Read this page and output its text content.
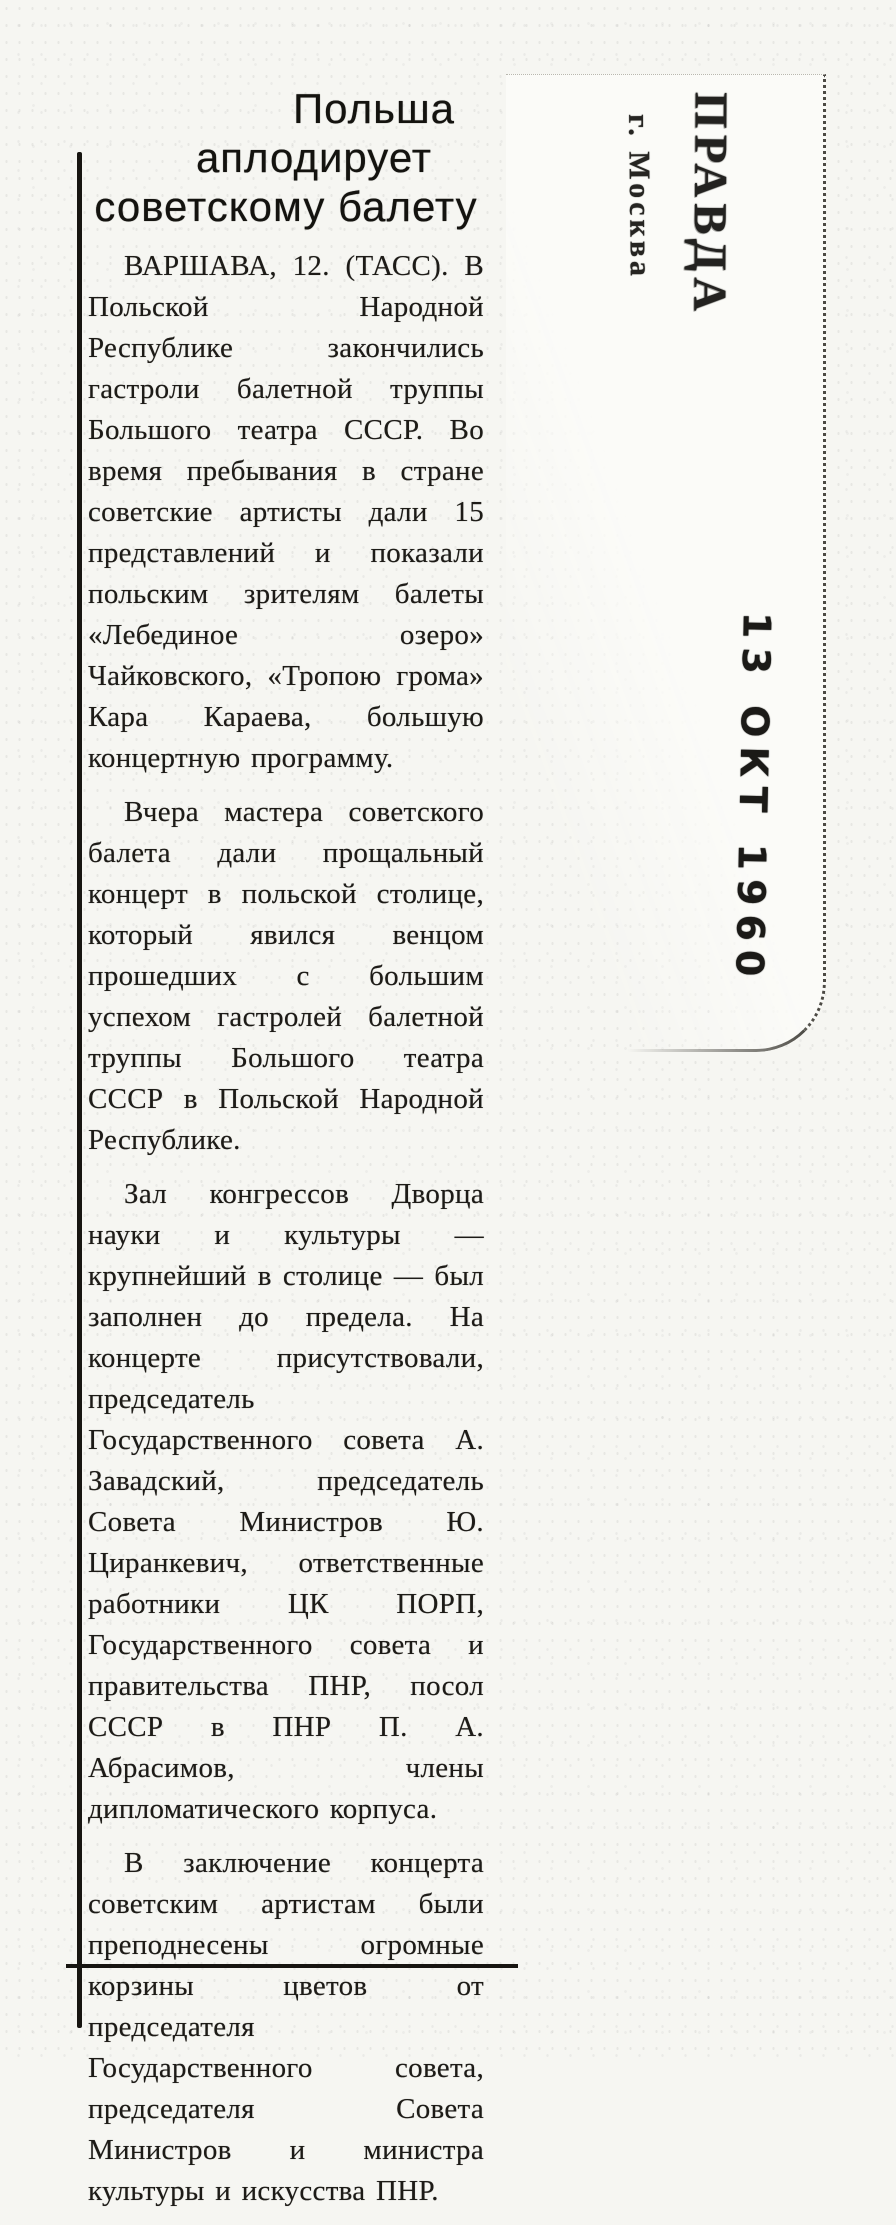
г. Москва ПРАВДА
13 ОКТ 1960
Польша
аплодирует
советскому балету

ВАРШАВА, 12. (ТАСС). В Польской Народной Республике закончились гастроли балетной труппы Большого театра СССР. Во время пребывания в стране советские артисты дали 15 представлений и показали польским зрителям балеты «Лебединое озеро» Чайковского, «Тропою грома» Кара Караева, большую концертную программу.

Вчера мастера советского балета дали прощальный концерт в польской столице, который явился венцом прошедших с большим успехом гастролей балетной труппы Большого театра СССР в Польской Народной Республике.

Зал конгрессов Дворца науки и культуры — крупнейший в столице — был заполнен до предела. На концерте присутствовали, председатель Государственного совета А. Завадский, председатель Совета Министров Ю. Циранкевич, ответственные работники ЦК ПОРП, Государственного совета и правительства ПНР, посол СССР в ПНР П. А. Абрасимов, члены дипломатического корпуса.

В заключение концерта советским артистам были преподнесены огромные корзины цветов от председателя Государственного совета, председателя Совета Министров и министра культуры и искусства ПНР.
